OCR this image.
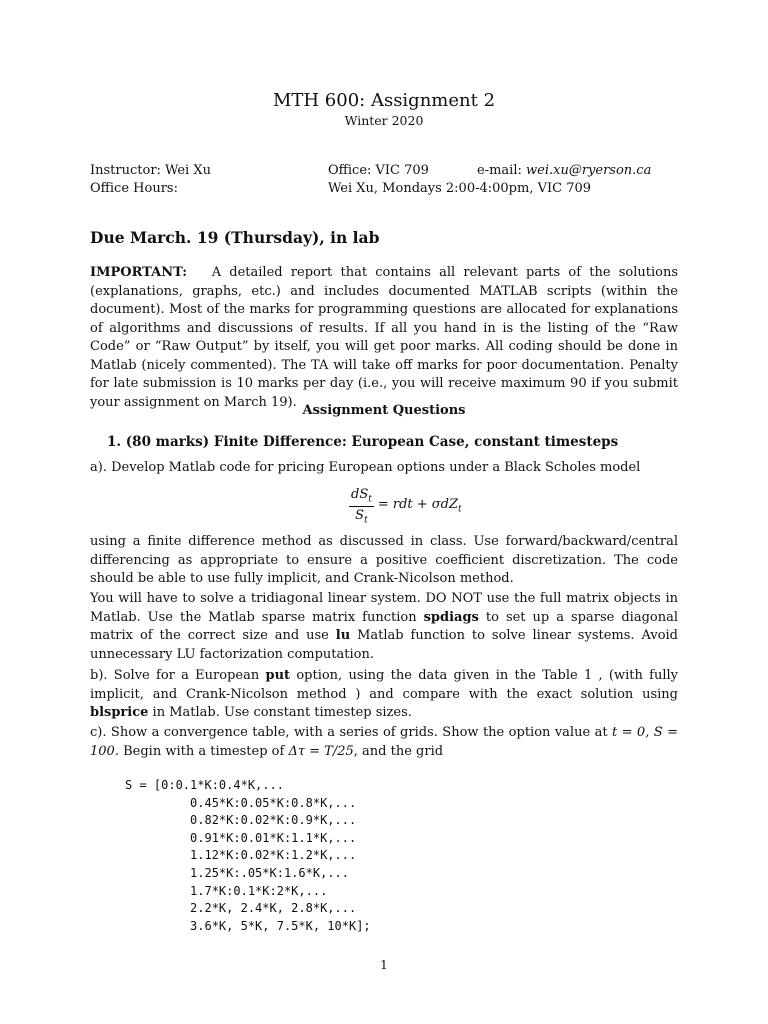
MTH 600: Assignment 2
Winter 2020
Instructor: Wei Xu	Office: VIC 709	e-mail: wei.xu@ryerson.ca
Office Hours:	Wei Xu, Mondays 2:00-4:00pm, VIC 709
Due March. 19 (Thursday), in lab
IMPORTANT: A detailed report that contains all relevant parts of the solutions (explanations, graphs, etc.) and includes documented MATLAB scripts (within the document). Most of the marks for programming questions are allocated for explanations of algorithms and discussions of results. If all you hand in is the listing of the “Raw Code” or “Raw Output” by itself, you will get poor marks. All coding should be done in Matlab (nicely commented). The TA will take off marks for poor documentation. Penalty for late submission is 10 marks per day (i.e., you will receive maximum 90 if you submit your assignment on March 19).
Assignment Questions
1. (80 marks) Finite Difference: European Case, constant timesteps
a). Develop Matlab code for pricing European options under a Black Scholes model
$\frac{dS_t}{S_t}$ = rdt + σdZ$_t$
using a finite difference method as discussed in class. Use forward/backward/central differencing as appropriate to ensure a positive coefficient discretization. The code should be able to use fully implicit, and Crank-Nicolson method.
You will have to solve a tridiagonal linear system. DO NOT use the full matrix objects in Matlab. Use the Matlab sparse matrix function spdiags to set up a sparse diagonal matrix of the correct size and use lu Matlab function to solve linear systems. Avoid unnecessary LU factorization computation.
b). Solve for a European put option, using the data given in the Table 1 , (with fully implicit, and Crank-Nicolson method ) and compare with the exact solution using blsprice in Matlab. Use constant timestep sizes.
c). Show a convergence table, with a series of grids. Show the option value at t = 0, S = 100. Begin with a timestep of Δτ = T/25, and the grid
S = [0:0.1*K:0.4*K,...
0.45*K:0.05*K:0.8*K,...
0.82*K:0.02*K:0.9*K,...
0.91*K:0.01*K:1.1*K,...
1.12*K:0.02*K:1.2*K,...
1.25*K:.05*K:1.6*K,...
1.7*K:0.1*K:2*K,...
2.2*K, 2.4*K, 2.8*K,...
3.6*K, 5*K, 7.5*K, 10*K];
1
